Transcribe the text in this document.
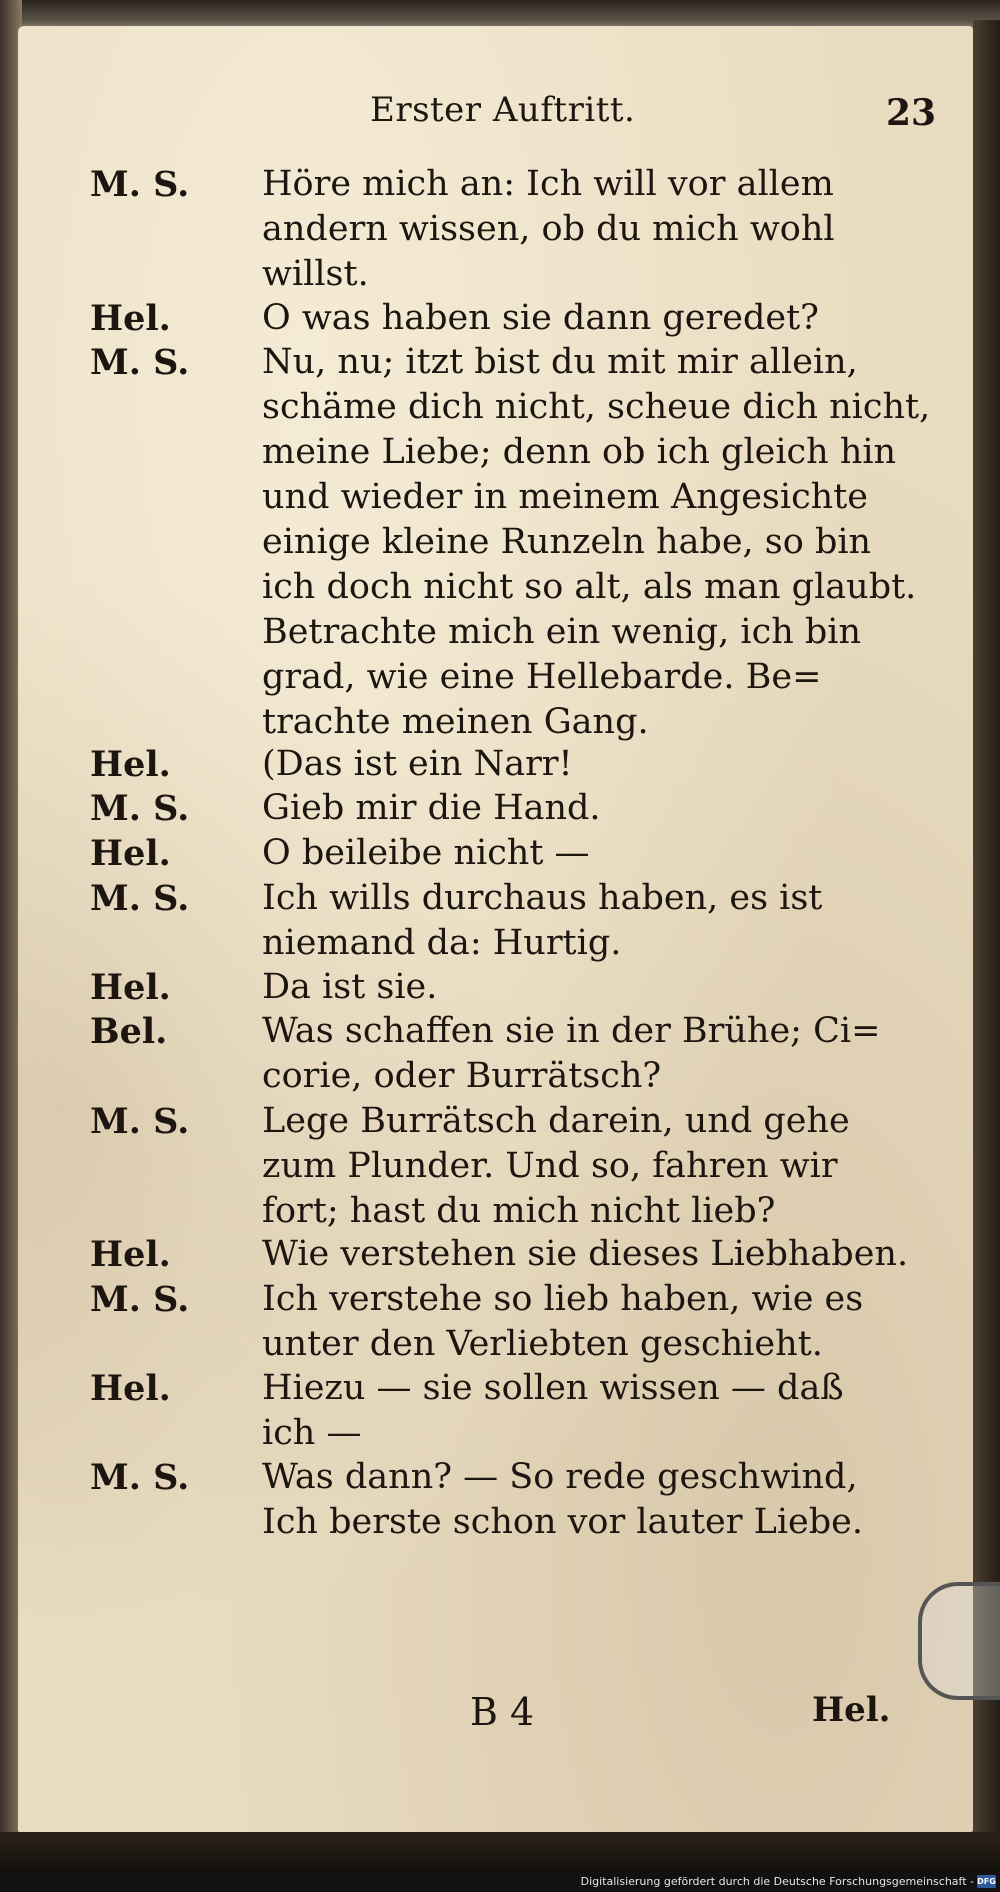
Erster Auftritt.	23
M. S. Höre mich an: Ich will vor allem
andern wissen, ob du mich wohl
willst.
Hel.	O was haben sie dann geredet?
M. S. Nu, nu; itzt bist du mit mir allein,
schäme dich nicht, scheue dich nicht,
meine Liebe; denn ob ich gleich hin
und wieder in meinem Angesichte
einige kleine Runzeln habe, so bin
ich doch nicht so alt, als man glaubt.
Betrachte mich ein wenig, ich bin
grad, wie eine Hellebarde. Be=
trachte meinen Gang.
Hel.	(Das ist ein Narr!
M. S. Gieb mir die Hand.
Hel.	O beileibe nicht —
M. S. Ich wills durchaus haben, es ist
niemand da: Hurtig.
Hel.	Da ist sie.
Bel.	Was schaffen sie in der Brühe; Ci=
corie, oder Burrätsch?
M. S. Lege Burrätsch darein, und gehe
zum Plunder. Und so, fahren wir
fort; hast du mich nicht lieb?
Hel.	Wie verstehen sie dieses Liebhaben.
M. S. Ich verstehe so lieb haben, wie es
unter den Verliebten geschieht.
Hel.	Hiezu — sie sollen wissen — daß
ich —
M. S. Was dann? — So rede geschwind,
Ich berste schon vor lauter Liebe.
B 4	Hel.
Digitalisierung gefördert durch die Deutsche Forschungsgemeinschaft - DFG
